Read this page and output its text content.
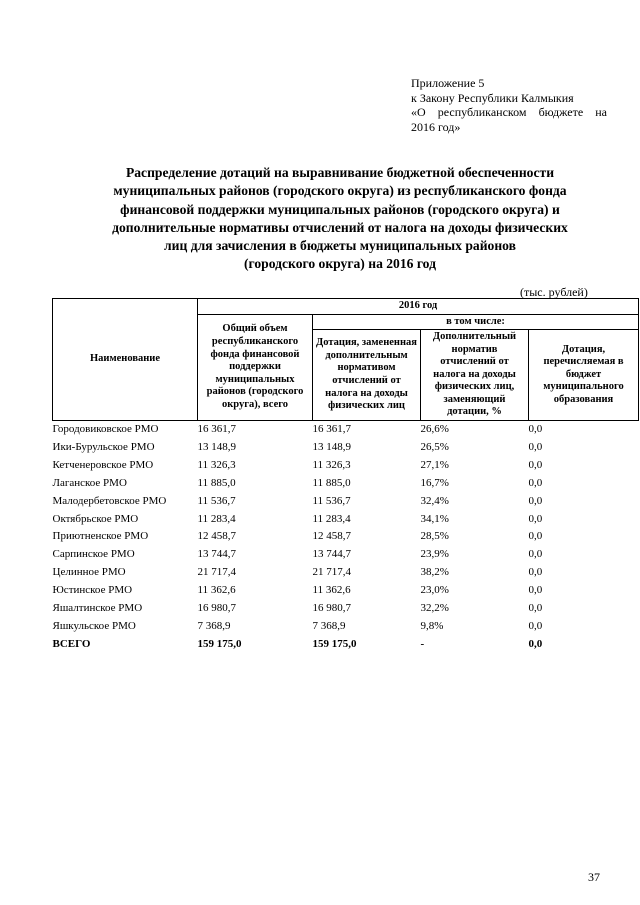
Приложение 5
к Закону Республики Калмыкия
«О республиканском бюджете на
2016 год»
Распределение дотаций на выравнивание бюджетной обеспеченности
муниципальных районов (городского округа) из республиканского фонда
финансовой поддержки муниципальных районов (городского округа) и
дополнительные нормативы отчислений от налога на доходы физических
лиц для зачисления в бюджеты муниципальных районов
(городского округа) на 2016 год
(тыс. рублей)
Наименование	2016 год			
	Общий объем республиканского фонда финансовой поддержки муниципальных районов (городского округа), всего	в том числе:		
		Дотация, замененная дополнительным нормативом отчислений от налога на доходы физических лиц	Дополнительный норматив отчислений от налога на доходы физических лиц, заменяющий дотации, %	Дотация, перечисляемая в бюджет муниципального образования
Городовиковское РМО	16 361,7	16 361,7	26,6%	0,0
Ики-Бурульское РМО	13 148,9	13 148,9	26,5%	0,0
Кетченеровское РМО	11 326,3	11 326,3	27,1%	0,0
Лаганское РМО	11 885,0	11 885,0	16,7%	0,0
Малодербетовское РМО	11 536,7	11 536,7	32,4%	0,0
Октябрьское РМО	11 283,4	11 283,4	34,1%	0,0
Приютненское РМО	12 458,7	12 458,7	28,5%	0,0
Сарпинское РМО	13 744,7	13 744,7	23,9%	0,0
Целинное РМО	21 717,4	21 717,4	38,2%	0,0
Юстинское РМО	11 362,6	11 362,6	23,0%	0,0
Яшалтинское РМО	16 980,7	16 980,7	32,2%	0,0
Яшкульское РМО	7 368,9	7 368,9	9,8%	0,0
ВСЕГО	159 175,0	159 175,0	-	0,0
37
